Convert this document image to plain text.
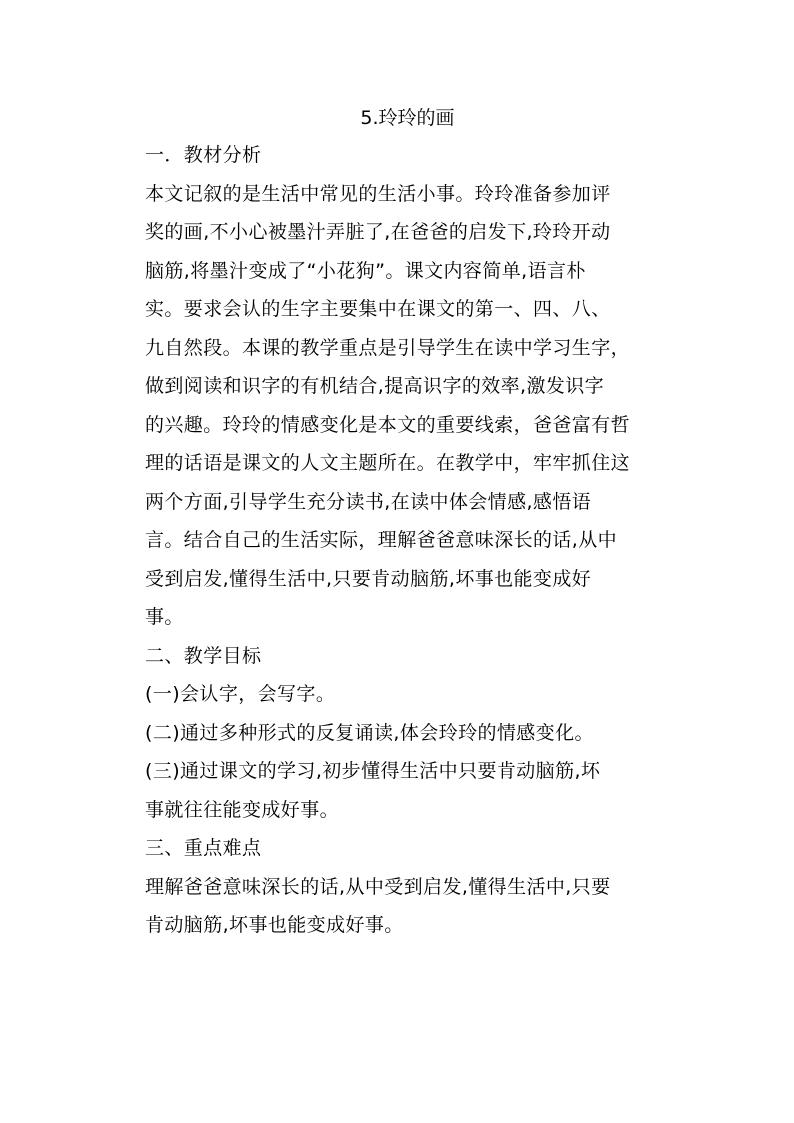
5.玲玲的画
一．教材分析
本文记叙的是生活中常见的生活小事。玲玲准备参加评
奖的画,不小心被墨汁弄脏了,在爸爸的启发下,玲玲开动
脑筋,将墨汁变成了“小花狗”。课文内容简单,语言朴
实。要求会认的生字主要集中在课文的第一、四、八、
九自然段。本课的教学重点是引导学生在读中学习生字，
做到阅读和识字的有机结合,提高识字的效率,激发识字
的兴趣。玲玲的情感变化是本文的重要线索，爸爸富有哲
理的话语是课文的人文主题所在。在教学中，牢牢抓住这
两个方面,引导学生充分读书,在读中体会情感,感悟语
言。结合自己的生活实际，理解爸爸意味深长的话,从中
受到启发,懂得生活中,只要肯动脑筋,坏事也能变成好
事。
二、教学目标
(一)会认字，会写字。
(二)通过多种形式的反复诵读,体会玲玲的情感变化。
(三)通过课文的学习,初步懂得生活中只要肯动脑筋,坏
事就往往能变成好事。
三、重点难点
理解爸爸意味深长的话,从中受到启发,懂得生活中,只要
肯动脑筋,坏事也能变成好事。
